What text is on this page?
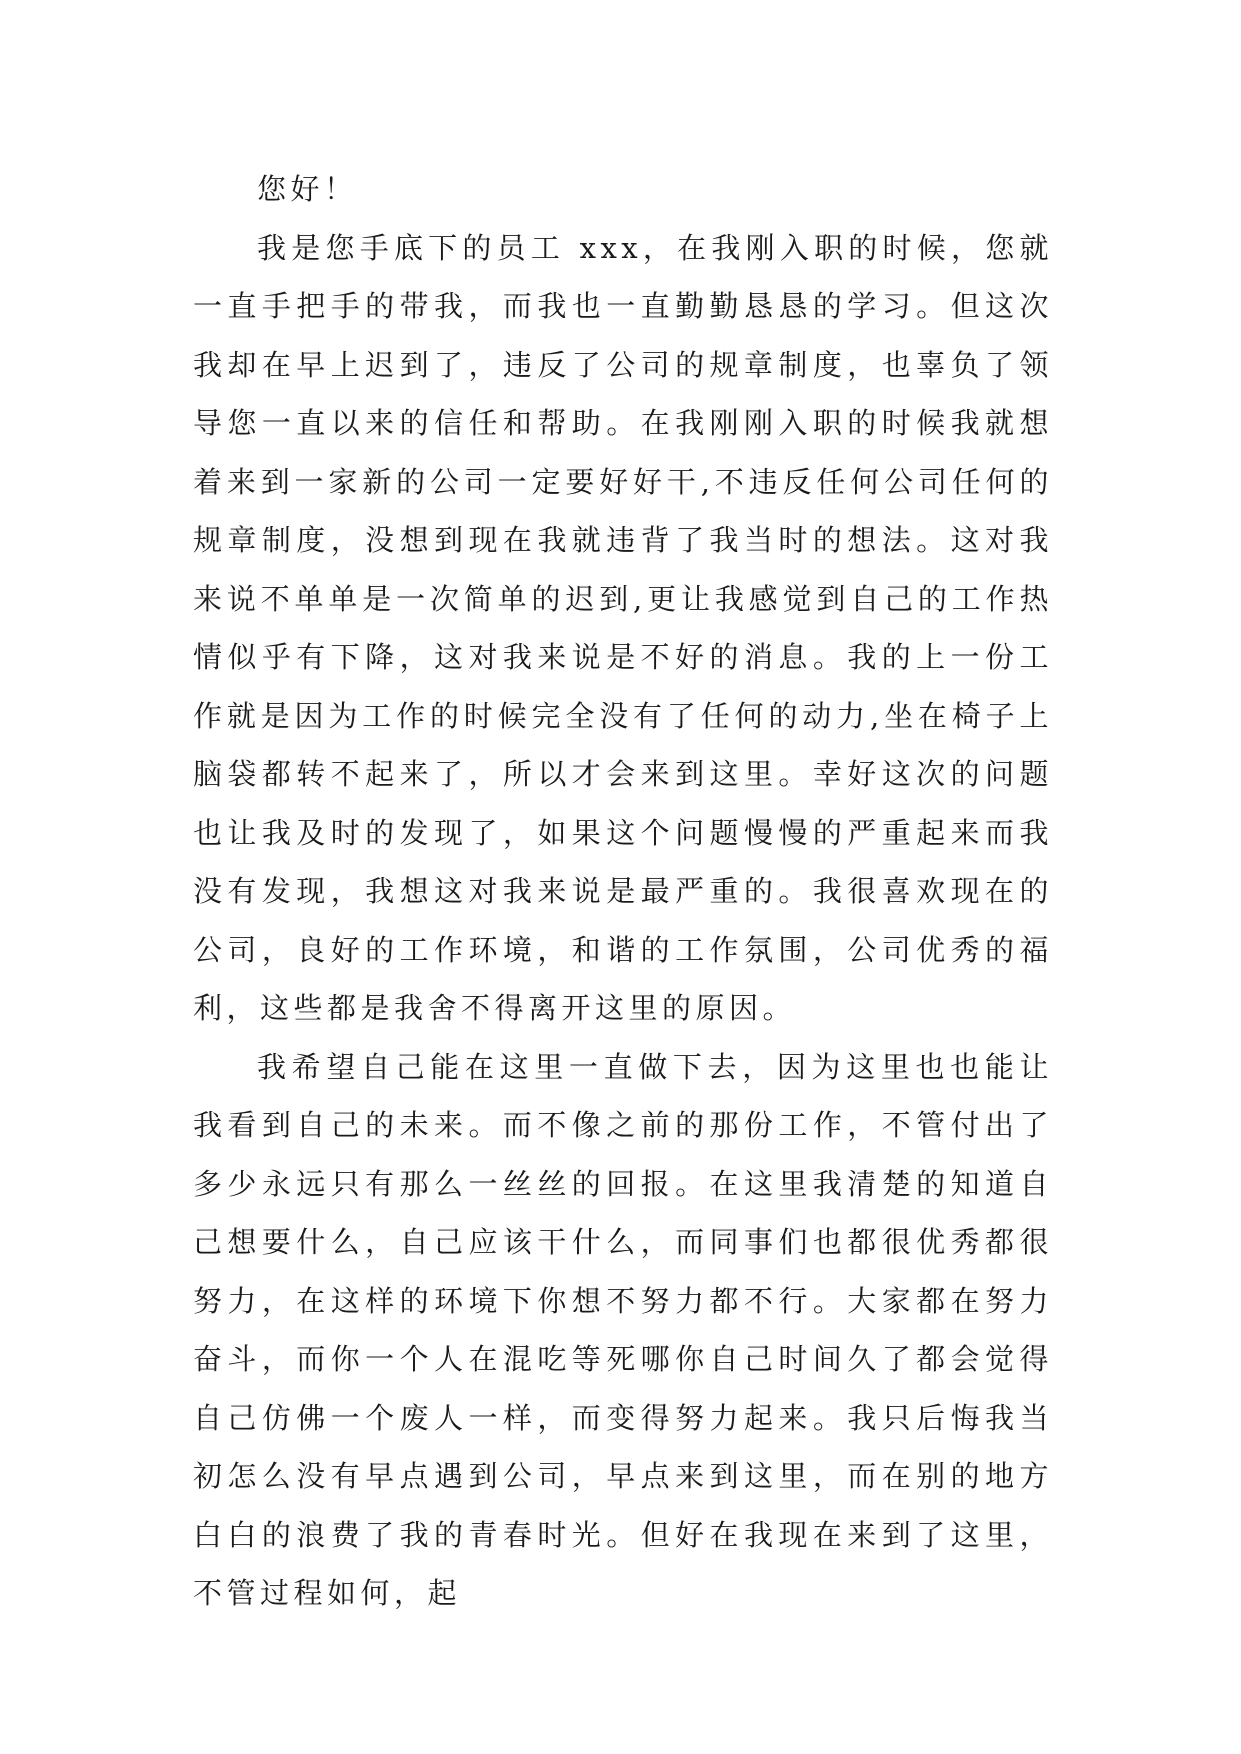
您好！

我是您手底下的员工 xxx，在我刚入职的时候，您就一直手把手的带我，而我也一直勤勤恳恳的学习。但这次我却在早上迟到了，违反了公司的规章制度，也辜负了领导您一直以来的信任和帮助。在我刚刚入职的时候我就想着来到一家新的公司一定要好好干,不违反任何公司任何的规章制度，没想到现在我就违背了我当时的想法。这对我来说不单单是一次简单的迟到,更让我感觉到自己的工作热情似乎有下降，这对我来说是不好的消息。我的上一份工作就是因为工作的时候完全没有了任何的动力,坐在椅子上脑袋都转不起来了，所以才会来到这里。幸好这次的问题也让我及时的发现了，如果这个问题慢慢的严重起来而我没有发现，我想这对我来说是最严重的。我很喜欢现在的公司，良好的工作环境，和谐的工作氛围，公司优秀的福利，这些都是我舍不得离开这里的原因。

我希望自己能在这里一直做下去，因为这里也也能让我看到自己的未来。而不像之前的那份工作，不管付出了多少永远只有那么一丝丝的回报。在这里我清楚的知道自己想要什么，自己应该干什么，而同事们也都很优秀都很努力，在这样的环境下你想不努力都不行。大家都在努力奋斗，而你一个人在混吃等死哪你自己时间久了都会觉得自己仿佛一个废人一样，而变得努力起来。我只后悔我当初怎么没有早点遇到公司，早点来到这里，而在别的地方白白的浪费了我的青春时光。但好在我现在来到了这里，不管过程如何，起
